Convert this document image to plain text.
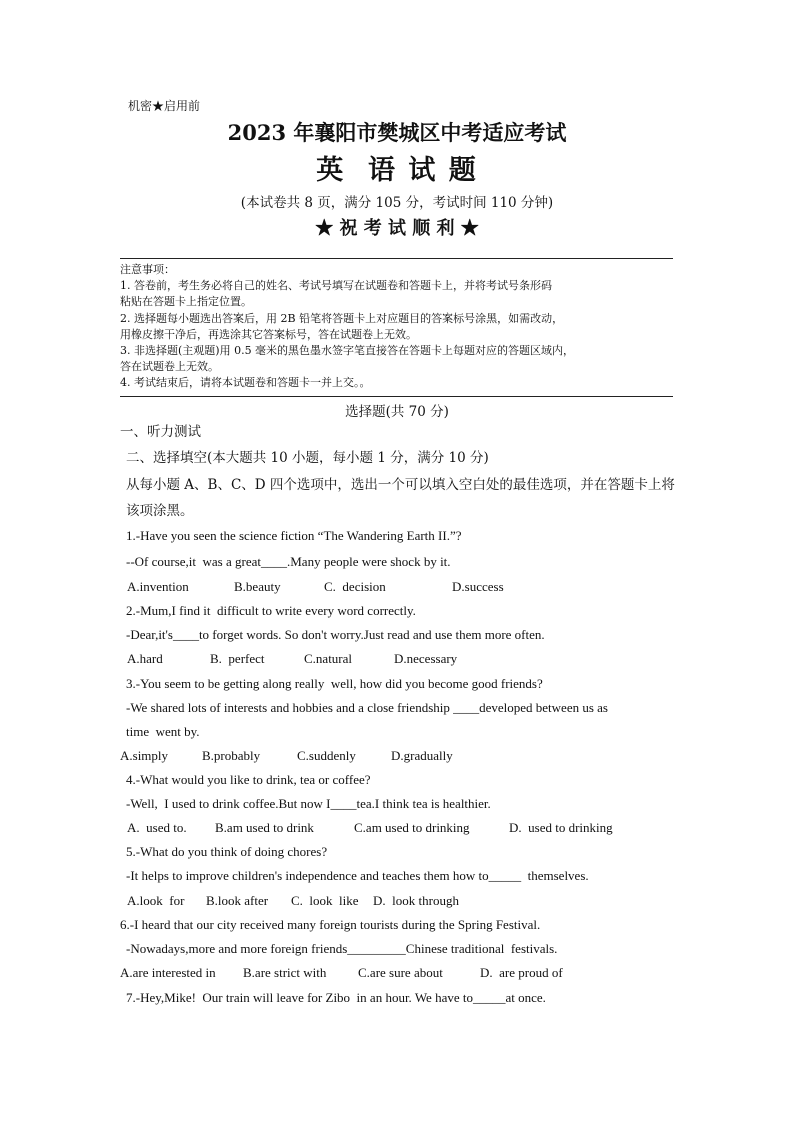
机密★启用前
2023 年襄阳市樊城区中考适应考试
英  语 试 题
(本试卷共 8 页，满分 105 分，考试时间 110 分钟)
★ 祝 考 试 顺 利 ★
注意事项：
1. 答卷前，考生务必将自己的姓名、考试号填写在试题卷和答题卡上，并将考试号条形码
粘贴在答题卡上指定位置。
2. 选择题每小题选出答案后，用 2B 铅笔将答题卡上对应题目的答案标号涂黑，如需改动，
用橡皮擦干净后，再选涂其它答案标号，答在试题卷上无效。
3. 非选择题(主观题)用 0.5 毫米的黑色墨水签字笔直接答在答题卡上每题对应的答题区域内，
答在试题卷上无效。
4. 考试结束后，请将本试题卷和答题卡一并上交。。
选择题(共 70 分)
一、听力测试
二、选择填空(本大题共 10 小题，每小题 1 分，满分 10 分)
从每小题 A、B、C、D 四个选项中，选出一个可以填入空白处的最佳选项，并在答题卡上将
该项涂黑。
1.-Have you seen the science fiction “The Wandering Earth II.”?
--Of course,it  was a great____.Many people were shock by it.
A.invention	B.beauty	C.  decision	D.success
2.-Mum,I find it  difficult to write every word correctly.
-Dear,it's____to forget words. So don't worry.Just read and use them more often.
A.hard	B.  perfect	C.natural	D.necessary
3.-You seem to be getting along really  well, how did you become good friends?
-We shared lots of interests and hobbies and a close friendship ____developed between us as
time  went by.
A.simply	B.probably	C.suddenly	D.gradually
4.-What would you like to drink, tea or coffee?
-Well,  I used to drink coffee.But now I____tea.I think tea is healthier.
A.  used to. B.am used to drink	C.am used to drinking	D.  used to drinking
5.-What do you think of doing chores?
-It helps to improve children's independence and teaches them how to_____  themselves.
A.look  for B.look after C.  look  like D.  look through
6.-I heard that our city received many foreign tourists during the Spring Festival.
-Nowadays,more and more foreign friends_________Chinese traditional  festivals.
A.are interested in B.are strict with C.are sure about	D.  are proud of
7.-Hey,Mike!  Our train will leave for Zibo  in an hour. We have to_____at once.
